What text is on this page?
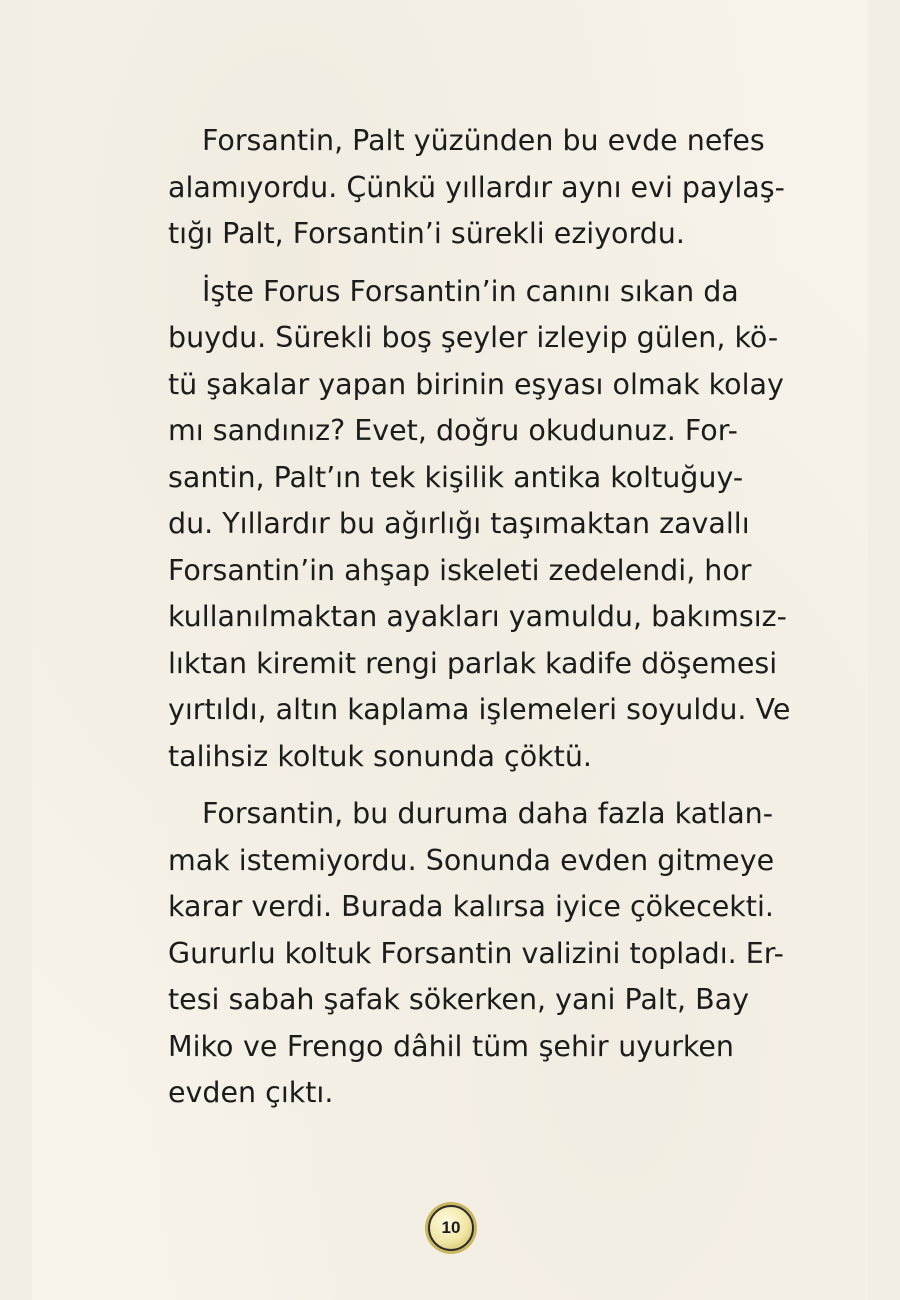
Forsantin, Palt yüzünden bu evde nefes
alamıyordu. Çünkü yıllardır aynı evi paylaş-
tığı Palt, Forsantin’i sürekli eziyordu.

İşte Forus Forsantin’in canını sıkan da
buydu. Sürekli boş şeyler izleyip gülen, kö-
tü şakalar yapan birinin eşyası olmak kolay
mı sandınız? Evet, doğru okudunuz. For-
santin, Palt’ın tek kişilik antika koltuğuy-
du. Yıllardır bu ağırlığı taşımaktan zavallı
Forsantin’in ahşap iskeleti zedelendi, hor
kullanılmaktan ayakları yamuldu, bakımsız-
lıktan kiremit rengi parlak kadife döşemesi
yırtıldı, altın kaplama işlemeleri soyuldu. Ve
talihsiz koltuk sonunda çöktü.

Forsantin, bu duruma daha fazla katlan-
mak istemiyordu. Sonunda evden gitmeye
karar verdi. Burada kalırsa iyice çökecekti.
Gururlu koltuk Forsantin valizini topladı. Er-
tesi sabah şafak sökerken, yani Palt, Bay
Miko ve Frengo dâhil tüm şehir uyurken
evden çıktı.

10
